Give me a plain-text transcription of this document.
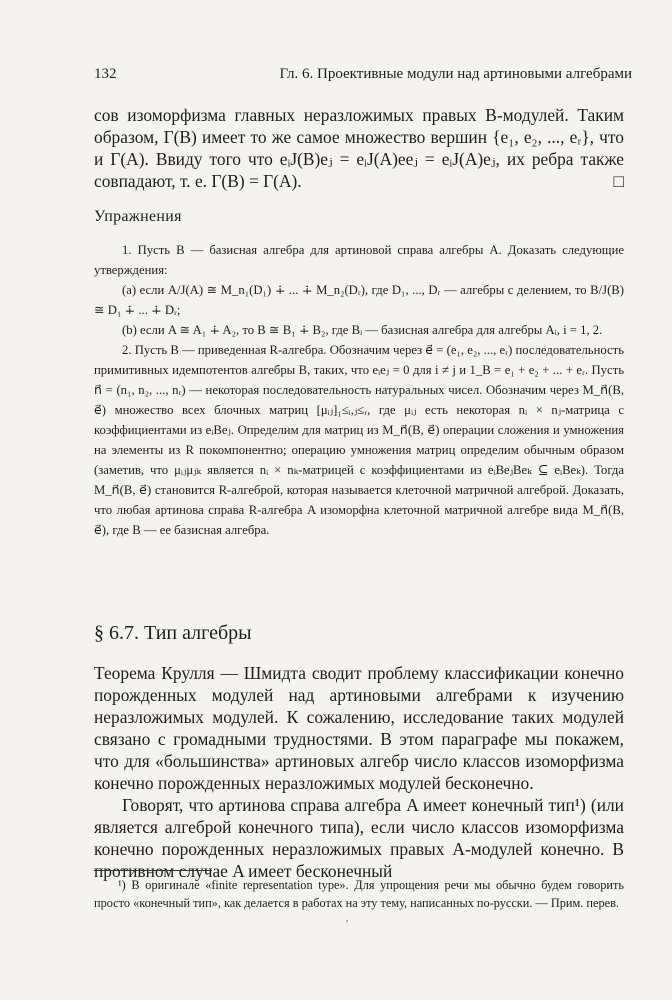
132	Гл. 6. Проективные модули над артиновыми алгебрами

сов изоморфизма главных неразложимых правых B-модулей. Таким образом, Γ(B) имеет то же самое множество вершин {e₁, e₂, ..., eᵣ}, что и Γ(A). Ввиду того что eᵢJ(B)eⱼ = eᵢJ(A)eeⱼ = eᵢJ(A)eⱼ, их ребра также совпадают, т. е. Γ(B) = Γ(A).	□

Упражнения

1. Пусть B — базисная алгебра для артиновой справа алгебры A. Доказать следующие утверждения:

(a) если A/J(A) ≅ M_n₁(D₁) ∔ ... ∔ M_n₂(Dᵣ), где D₁, ..., Dᵣ — алгебры с делением, то B/J(B) ≅ D₁ ∔ ... ∔ Dᵣ;

(b) если A ≅ A₁ ∔ A₂, то B ≅ B₁ ∔ B₂, где Bᵢ — базисная алгебра для алгебры Aᵢ, i = 1, 2.

2. Пусть B — приведенная R-алгебра. Обозначим через e⃗ = (e₁, e₂, ..., eᵣ) последовательность примитивных идемпотентов алгебры B, таких, что eᵢeⱼ = 0 для i ≠ j и 1_B = e₁ + e₂ + ... + eᵣ. Пусть n⃗ = (n₁, n₂, ..., nᵣ) — некоторая последовательность натуральных чисел. Обозначим через M_n⃗(B, e⃗) множество всех блочных матриц [μᵢⱼ]₁≤ᵢ,ⱼ≤ᵣ, где μᵢⱼ есть некоторая nᵢ × nⱼ-матрица с коэффициентами из eᵢBeⱼ. Определим для матриц из M_n⃗(B, e⃗) операции сложения и умножения на элементы из R покомпонентно; операцию умножения матриц определим обычным образом (заметив, что μᵢⱼμⱼₖ является nᵢ × nₖ-матрицей с коэффициентами из eᵢBeⱼBeₖ ⊆ eᵢBeₖ). Тогда M_n⃗(B, e⃗) становится R-алгеброй, которая называется клеточной матричной алгеброй. Доказать, что любая артинова справа R-алгебра A изоморфна клеточной матричной алгебре вида M_n⃗(B, e⃗), где B — ее базисная алгебра.

§ 6.7. Тип алгебры

Теорема Крулля — Шмидта сводит проблему классификации конечно порожденных модулей над артиновыми алгебрами к изучению неразложимых модулей. К сожалению, исследование таких модулей связано с громадными трудностями. В этом параграфе мы покажем, что для «большинства» артиновых алгебр число классов изоморфизма конечно порожденных неразложимых модулей бесконечно.

Говорят, что артинова справа алгебра A имеет конечный тип¹) (или является алгеброй конечного типа), если число классов изоморфизма конечно порожденных неразложимых правых A-модулей конечно. В противном случае A имеет бесконечный

¹) В оригинале «finite representation type». Для упрощения речи мы обычно будем говорить просто «конечный тип», как делается в работах на эту тему, написанных по-русски. — Прим. перев.

ʹ
